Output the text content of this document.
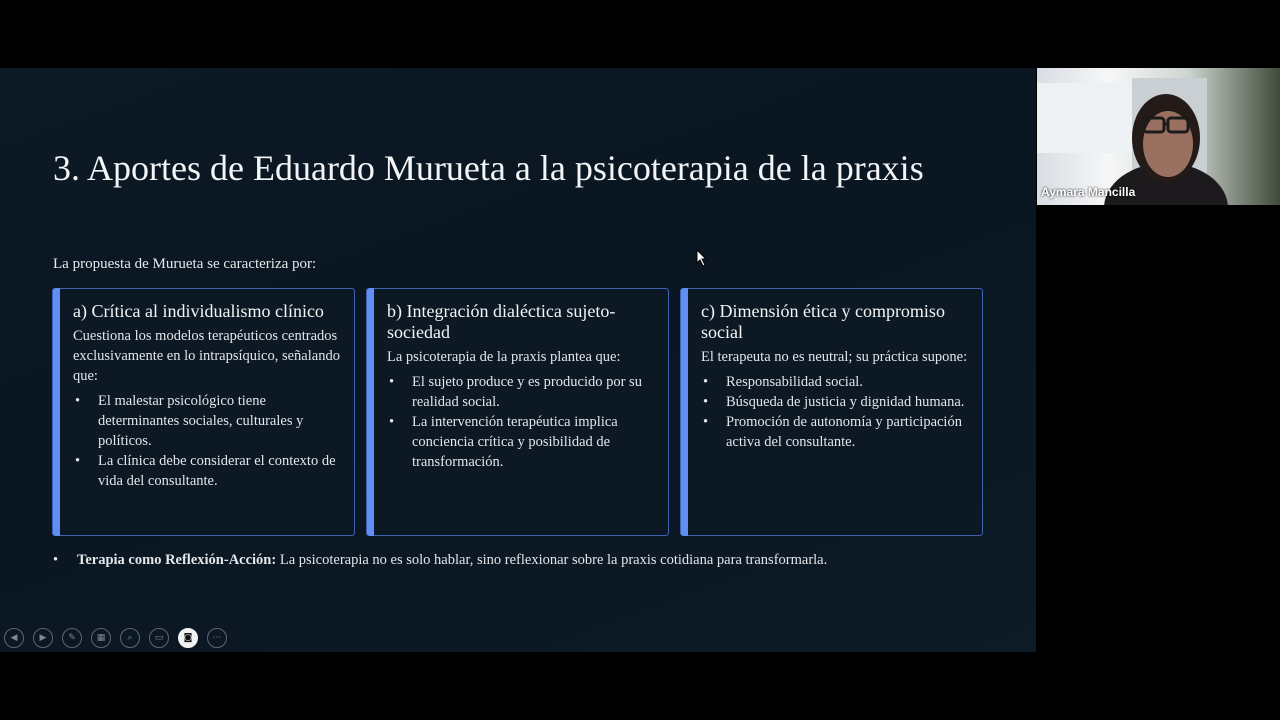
3. Aportes de Eduardo Murueta a la psicoterapia de la praxis

La propuesta de Murueta se caracteriza por:

a) Crítica al individualismo clínico

Cuestiona los modelos terapéuticos centrados exclusivamente en lo intrapsíquico, señalando que:

• El malestar psicológico tiene determinantes sociales, culturales y políticos.
• La clínica debe considerar el contexto de vida del consultante.

b) Integración dialéctica sujeto-sociedad

La psicoterapia de la praxis plantea que:

• El sujeto produce y es producido por su realidad social.
• La intervención terapéutica implica conciencia crítica y posibilidad de transformación.

c) Dimensión ética y compromiso social

El terapeuta no es neutral; su práctica supone:

• Responsabilidad social.
• Búsqueda de justicia y dignidad humana.
• Promoción de autonomía y participación activa del consultante.
• Terapia como Reflexión-Acción: La psicoterapia no es solo hablar, sino reflexionar sobre la praxis cotidiana para transformarla.
◀	▶	✎	▦	⌕	▭	◙	⋯
Aymara Mancilla
